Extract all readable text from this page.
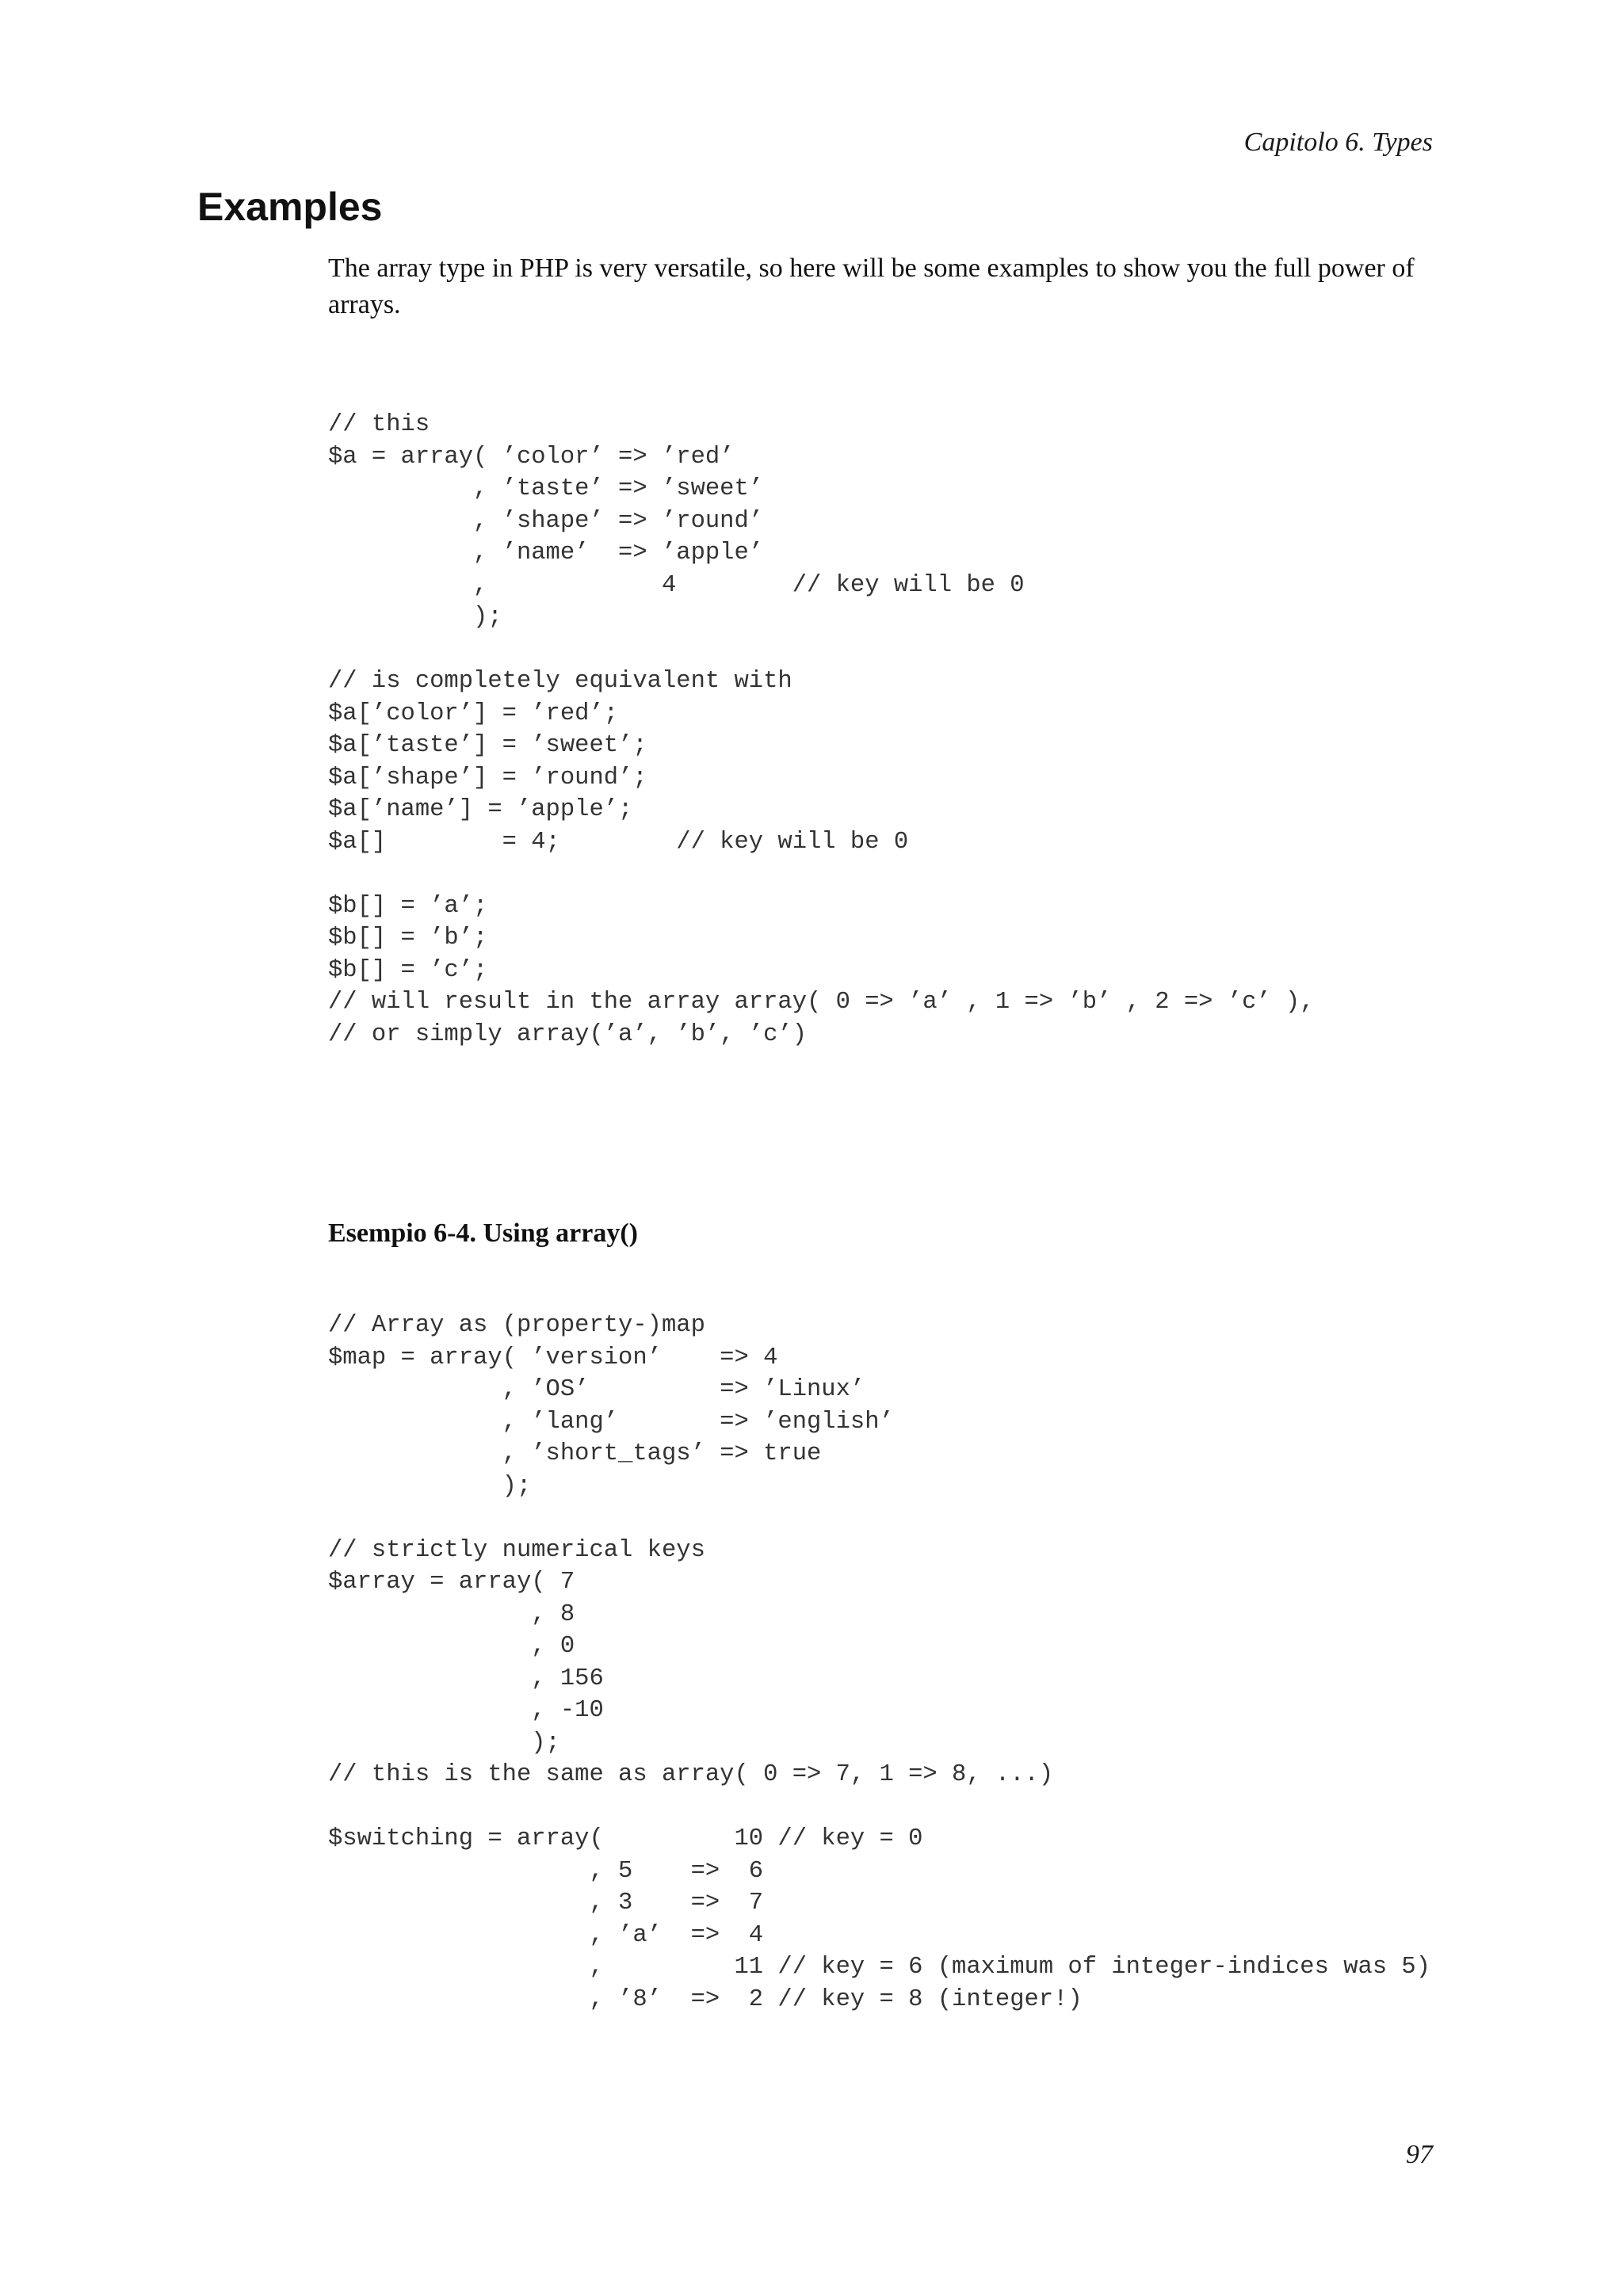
Capitolo 6. Types
Examples

The array type in PHP is very versatile, so here will be some examples to show you the full power of arrays.

// this
$a = array( ’color’ => ’red’
, ’taste’ => ’sweet’
, ’shape’ => ’round’
, ’name’  => ’apple’
,            4        // key will be 0
);

// is completely equivalent with
$a[’color’] = ’red’;
$a[’taste’] = ’sweet’;
$a[’shape’] = ’round’;
$a[’name’] = ’apple’;
$a[]        = 4;        // key will be 0

$b[] = ’a’;
$b[] = ’b’;
$b[] = ’c’;
// will result in the array array( 0 => ’a’ , 1 => ’b’ , 2 => ’c’ ),
// or simply array(’a’, ’b’, ’c’)
Esempio 6-4. Using array()
// Array as (property-)map
$map = array( ’version’    => 4
, ’OS’         => ’Linux’
, ’lang’       => ’english’
, ’short_tags’ => true
);

// strictly numerical keys
$array = array( 7
, 8
, 0
, 156
, -10
);
// this is the same as array( 0 => 7, 1 => 8, ...)

$switching = array(         10 // key = 0
, 5    =>  6
, 3    =>  7
, ’a’  =>  4
,         11 // key = 6 (maximum of integer-indices was 5)
, ’8’  =>  2 // key = 8 (integer!)
97
